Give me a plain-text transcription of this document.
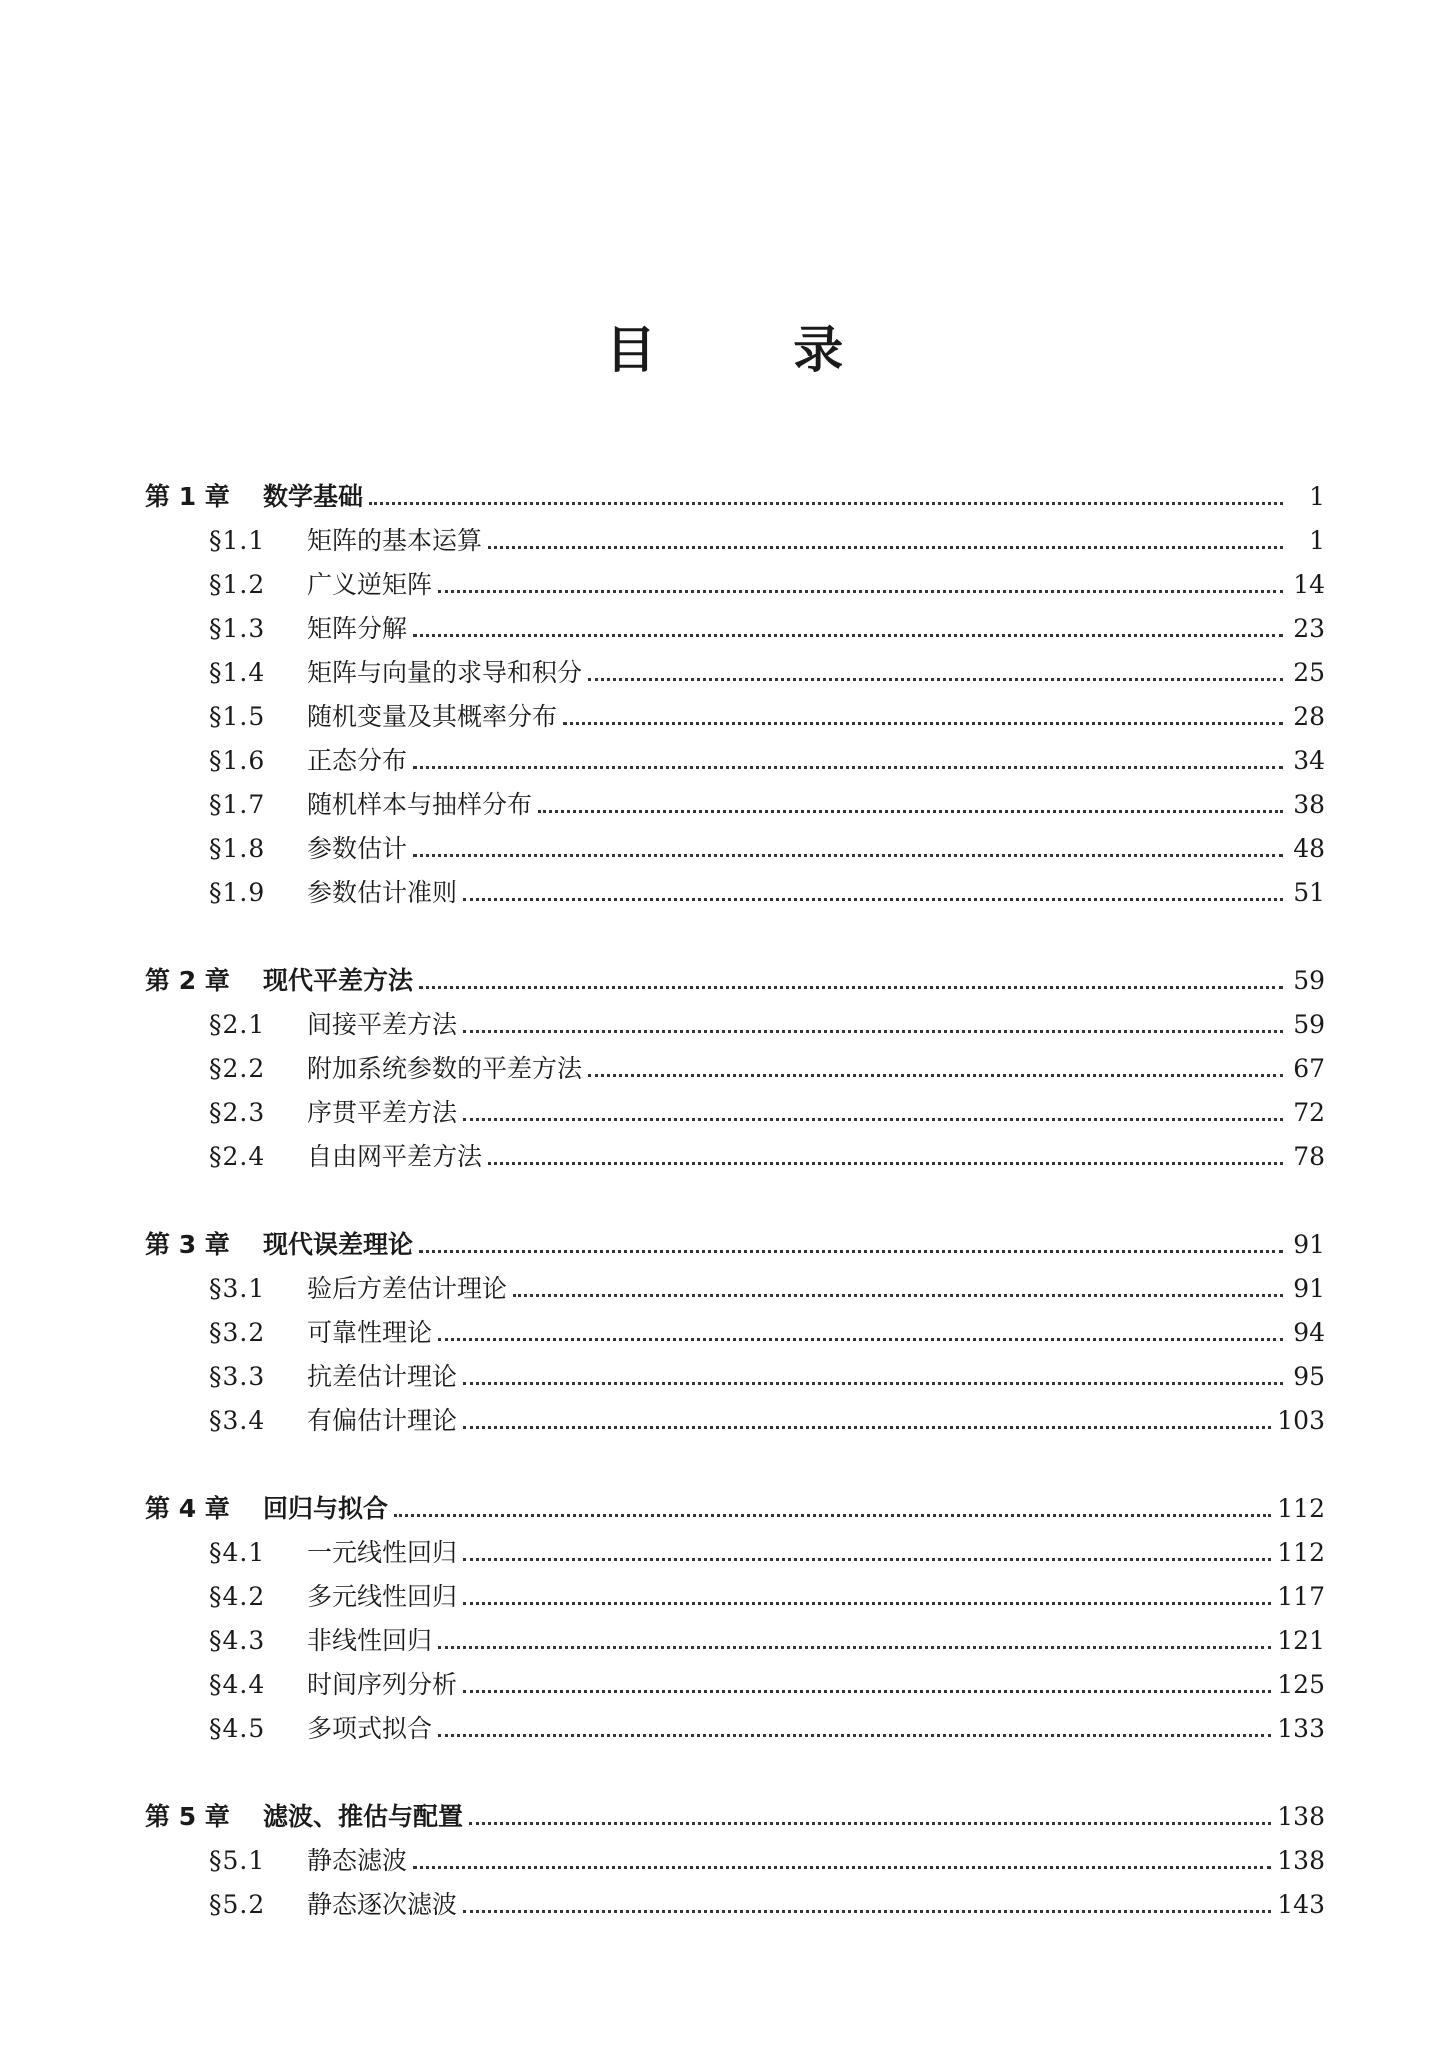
目 录
第 1 章	数学基础	1
§1.1	矩阵的基本运算	1
§1.2	广义逆矩阵	14
§1.3	矩阵分解	23
§1.4	矩阵与向量的求导和积分	25
§1.5	随机变量及其概率分布	28
§1.6	正态分布	34
§1.7	随机样本与抽样分布	38
§1.8	参数估计	48
§1.9	参数估计准则	51
第 2 章	现代平差方法	59
§2.1	间接平差方法	59
§2.2	附加系统参数的平差方法	67
§2.3	序贯平差方法	72
§2.4	自由网平差方法	78
第 3 章	现代误差理论	91
§3.1	验后方差估计理论	91
§3.2	可靠性理论	94
§3.3	抗差估计理论	95
§3.4	有偏估计理论	103
第 4 章	回归与拟合	112
§4.1	一元线性回归	112
§4.2	多元线性回归	117
§4.3	非线性回归	121
§4.4	时间序列分析	125
§4.5	多项式拟合	133
第 5 章	滤波、推估与配置	138
§5.1	静态滤波	138
§5.2	静态逐次滤波	143
